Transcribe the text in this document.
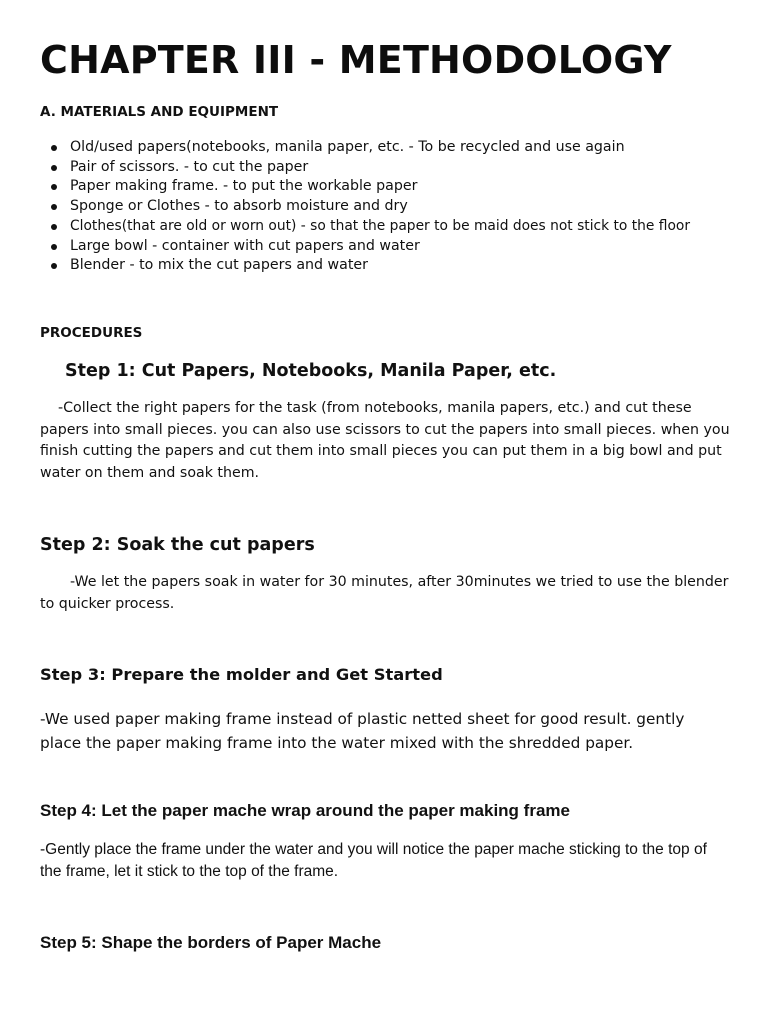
CHAPTER III - METHODOLOGY
A. MATERIALS AND EQUIPMENT
Old/used papers(notebooks, manila paper, etc. - To be recycled and use again
Pair of scissors. - to cut the paper
Paper making frame. - to put the workable paper
Sponge or Clothes - to absorb moisture and dry
Clothes(that are old or worn out) - so that the paper to be maid does not stick to the floor
Large bowl - container with cut papers and water
Blender - to mix the cut papers and water
PROCEDURES
Step 1: Cut Papers, Notebooks, Manila Paper, etc.

-Collect the right papers for the task (from notebooks, manila papers, etc.) and cut these papers into small pieces. you can also use scissors to cut the papers into small pieces. when you finish cutting the papers and cut them into small pieces you can put them in a big bowl and put water on them and soak them.

Step 2: Soak the cut papers

-We let the papers soak in water for 30 minutes, after 30minutes we tried to use the blender to quicker process.

Step 3: Prepare the molder and Get Started

-We used paper making frame instead of plastic netted sheet for good result. gently place the paper making frame into the water mixed with the shredded paper.

Step 4: Let the paper mache wrap around the paper making frame

-Gently place the frame under the water and you will notice the paper mache sticking to the top of the frame, let it stick to the top of the frame.

Step 5: Shape the borders of Paper Mache
